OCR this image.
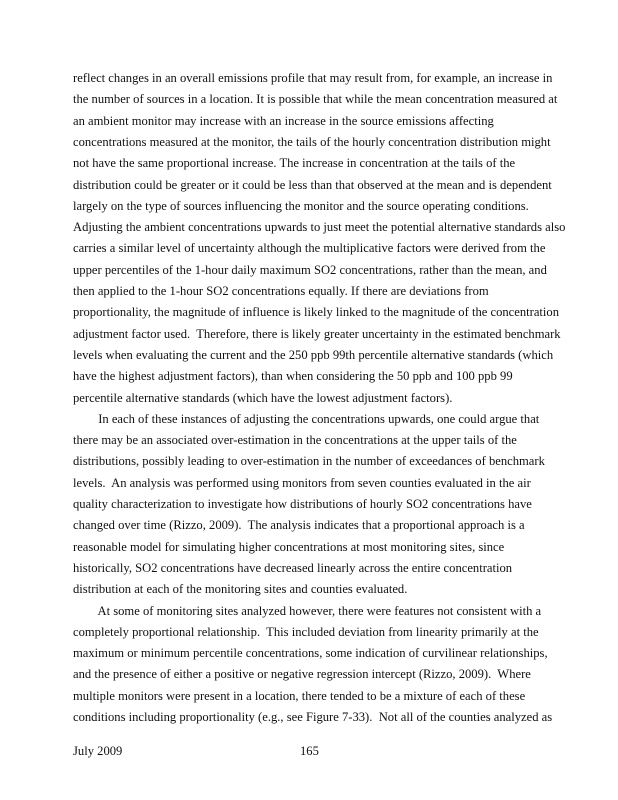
reflect changes in an overall emissions profile that may result from, for example, an increase in
the number of sources in a location. It is possible that while the mean concentration measured at
an ambient monitor may increase with an increase in the source emissions affecting
concentrations measured at the monitor, the tails of the hourly concentration distribution might
not have the same proportional increase. The increase in concentration at the tails of the
distribution could be greater or it could be less than that observed at the mean and is dependent
largely on the type of sources influencing the monitor and the source operating conditions.
Adjusting the ambient concentrations upwards to just meet the potential alternative standards also
carries a similar level of uncertainty although the multiplicative factors were derived from the
upper percentiles of the 1-hour daily maximum SO2 concentrations, rather than the mean, and
then applied to the 1-hour SO2 concentrations equally. If there are deviations from
proportionality, the magnitude of influence is likely linked to the magnitude of the concentration
adjustment factor used.  Therefore, there is likely greater uncertainty in the estimated benchmark
levels when evaluating the current and the 250 ppb 99th percentile alternative standards (which
have the highest adjustment factors), than when considering the 50 ppb and 100 ppb 99
percentile alternative standards (which have the lowest adjustment factors).
In each of these instances of adjusting the concentrations upwards, one could argue that
there may be an associated over-estimation in the concentrations at the upper tails of the
distributions, possibly leading to over-estimation in the number of exceedances of benchmark
levels.  An analysis was performed using monitors from seven counties evaluated in the air
quality characterization to investigate how distributions of hourly SO2 concentrations have
changed over time (Rizzo, 2009).  The analysis indicates that a proportional approach is a
reasonable model for simulating higher concentrations at most monitoring sites, since
historically, SO2 concentrations have decreased linearly across the entire concentration
distribution at each of the monitoring sites and counties evaluated.
At some of monitoring sites analyzed however, there were features not consistent with a
completely proportional relationship.  This included deviation from linearity primarily at the
maximum or minimum percentile concentrations, some indication of curvilinear relationships,
and the presence of either a positive or negative regression intercept (Rizzo, 2009).  Where
multiple monitors were present in a location, there tended to be a mixture of each of these
conditions including proportionality (e.g., see Figure 7-33).  Not all of the counties analyzed as
July 2009	165
